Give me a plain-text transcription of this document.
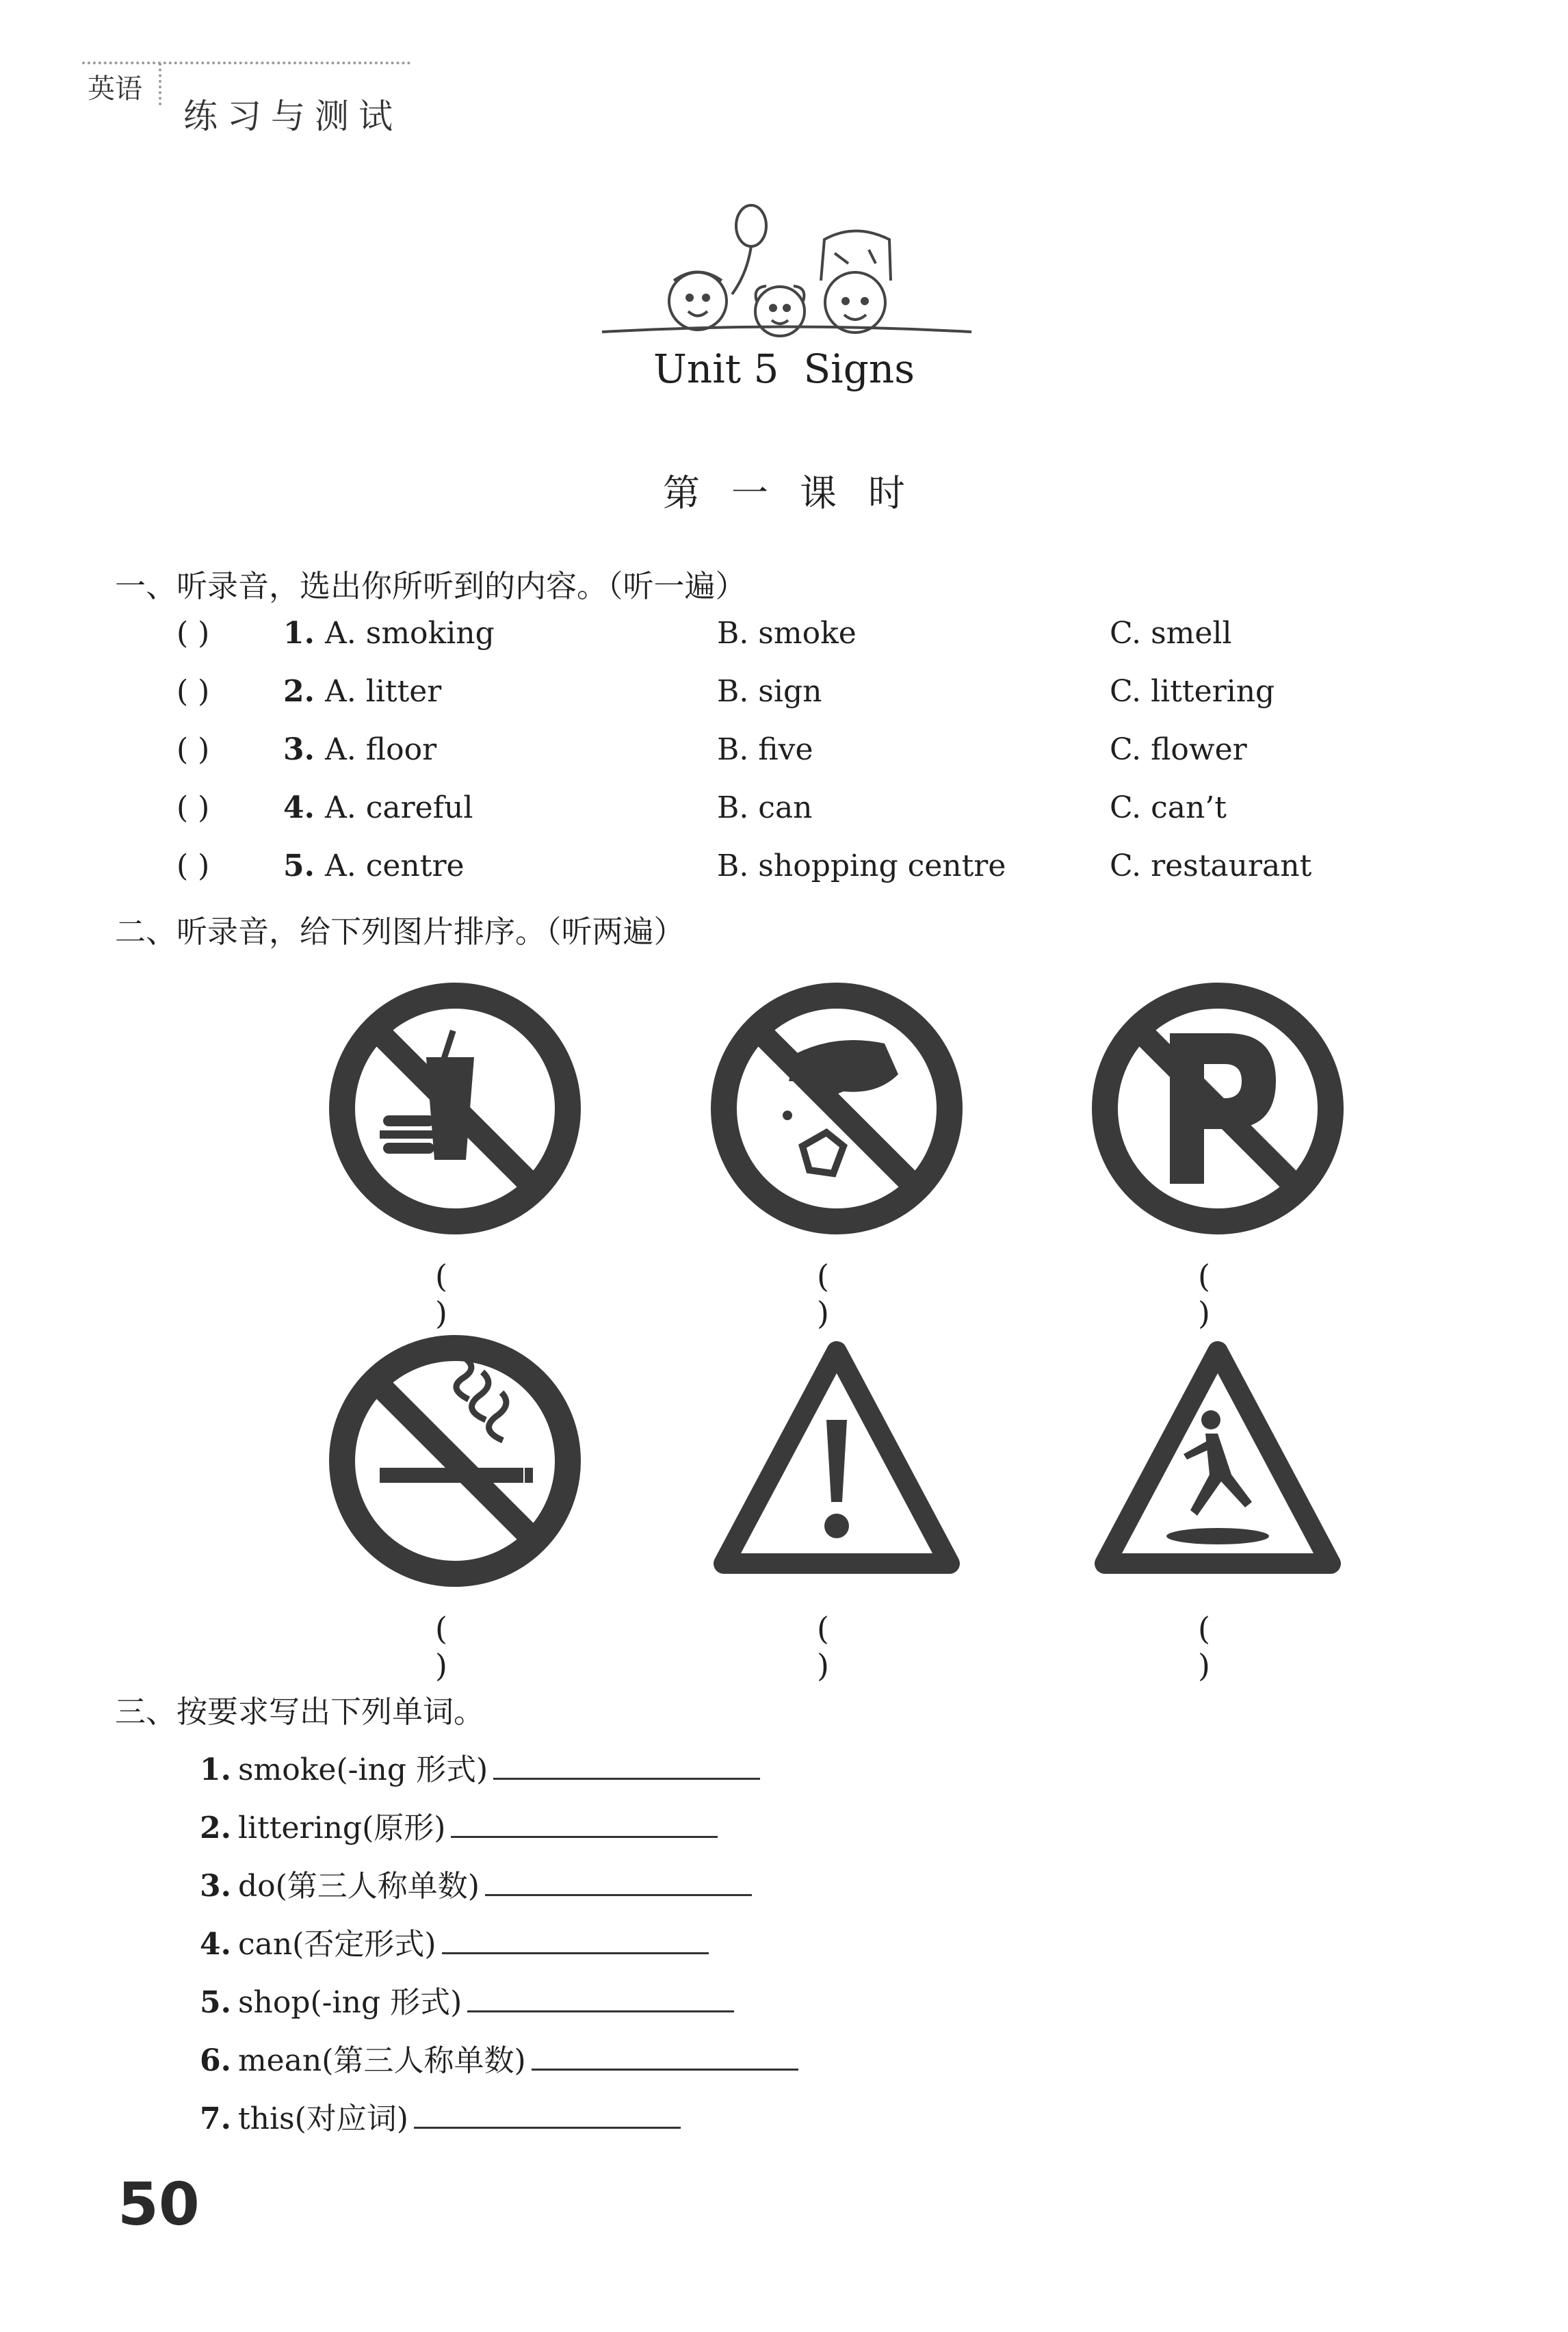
英语
练习与测试
Unit 5 Signs
第一课时
一、听录音，选出你所听到的内容。（听一遍）
( ) 1. A. smoking	B. smoke	C. smell
( ) 2. A. litter	B. sign	C. littering
( ) 3. A. floor	B. five	C. flower
( ) 4. A. careful	B. can	C. can’t
( ) 5. A. centre	B. shopping centre	C. restaurant
二、听录音，给下列图片排序。（听两遍）
( )
( )
( )
( )
( )
( )
三、按要求写出下列单词。
1. smoke (-ing 形式)
2. littering (原形)
3. do (第三人称单数)
4. can (否定形式)
5. shop (-ing 形式)
6. mean (第三人称单数)
7. this (对应词)
50
